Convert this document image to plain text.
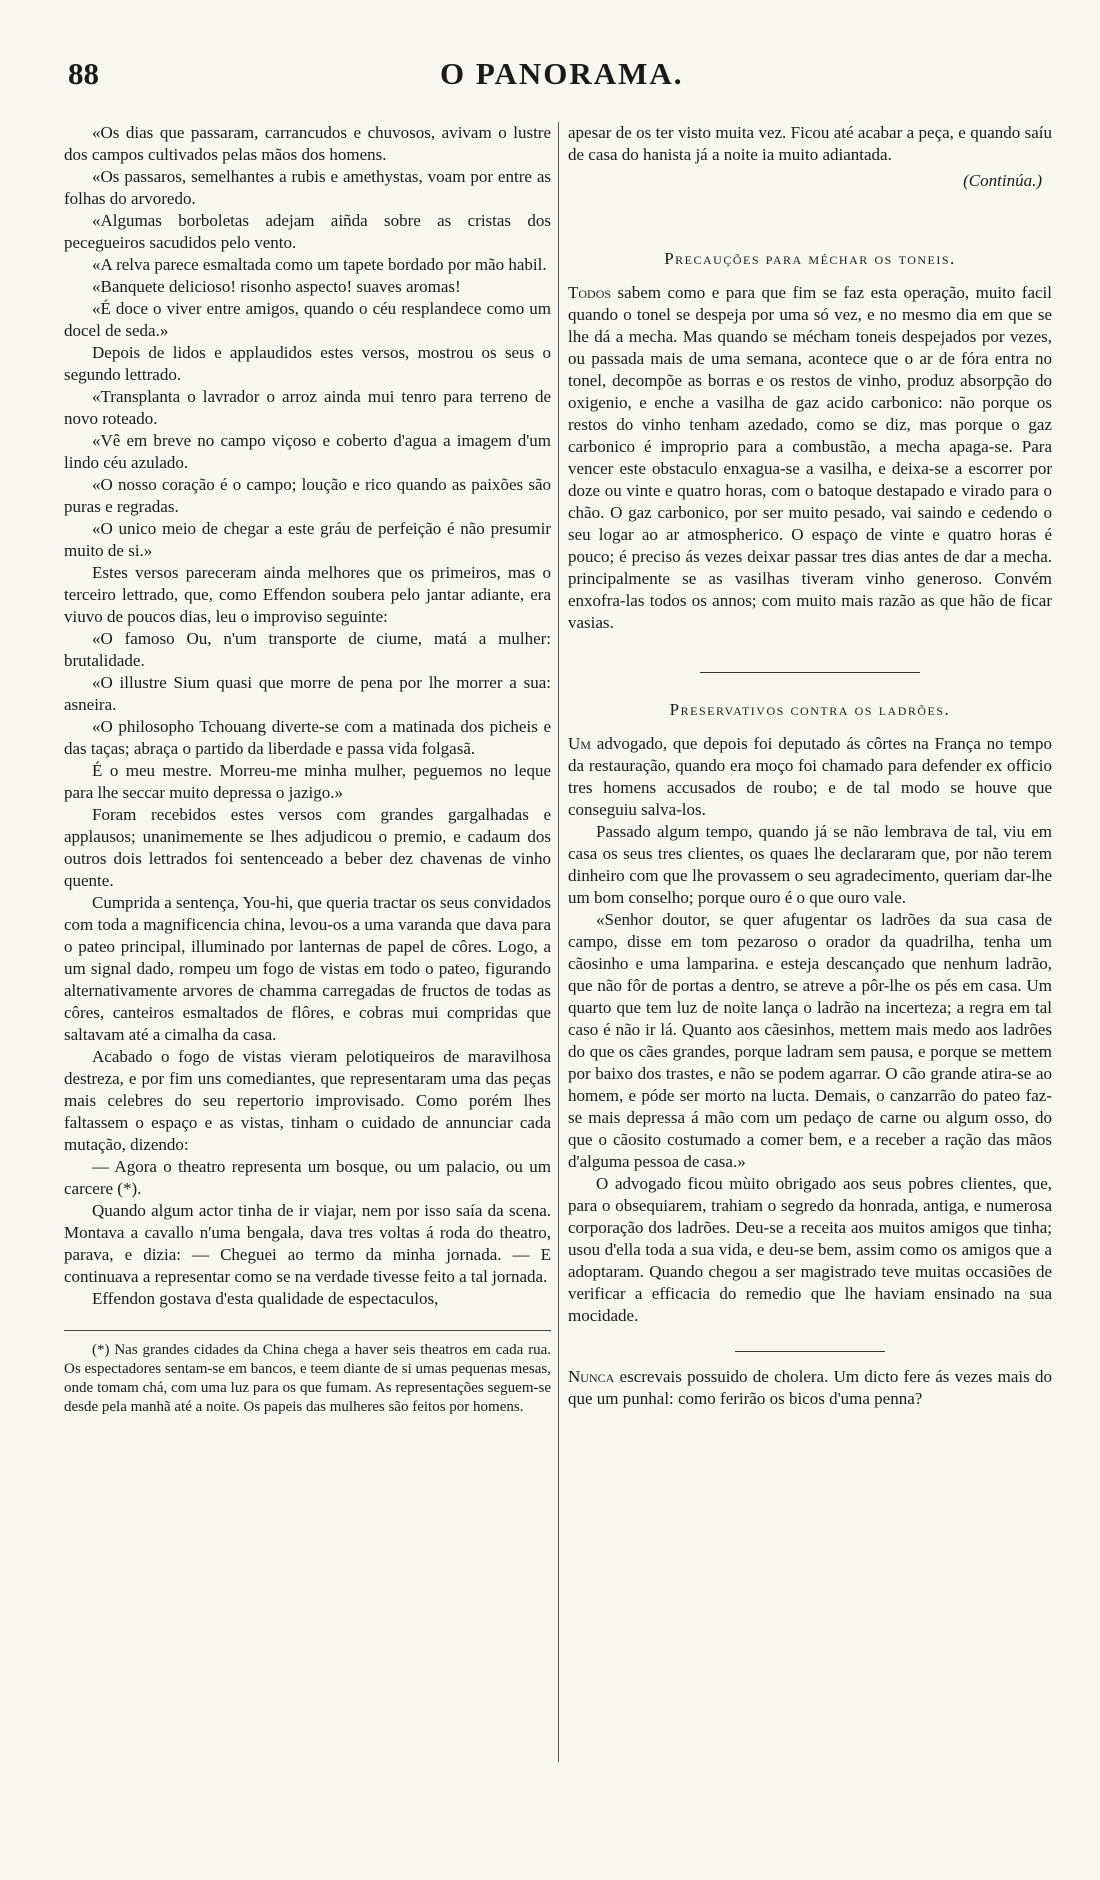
88	O PANORAMA.

«Os dias que passaram, carrancudos e chuvosos, avivam o lustre dos campos cultivados pelas mãos dos homens.

«Os passaros, semelhantes a rubis e amethystas, voam por entre as folhas do arvoredo.

«Algumas borboletas adejam aiñda sobre as cristas dos pecegueiros sacudidos pelo vento.

«A relva parece esmaltada como um tapete bordado por mão habil.

«Banquete delicioso! risonho aspecto! suaves aromas!

«É doce o viver entre amigos, quando o céu resplandece como um docel de seda.»

Depois de lidos e applaudidos estes versos, mostrou os seus o segundo lettrado.

«Transplanta o lavrador o arroz ainda mui tenro para terreno de novo roteado.

«Vê em breve no campo viçoso e coberto d'agua a imagem d'um lindo céu azulado.

«O nosso coração é o campo; loução e rico quando as paixões são puras e regradas.

«O unico meio de chegar a este gráu de perfeição é não presumir muito de si.»

Estes versos pareceram ainda melhores que os primeiros, mas o terceiro lettrado, que, como Effendon soubera pelo jantar adiante, era viuvo de poucos dias, leu o improviso seguinte:

«O famoso Ou, n'um transporte de ciume, matá a mulher: brutalidade.

«O illustre Sium quasi que morre de pena por lhe morrer a sua: asneira.

«O philosopho Tchouang diverte-se com a matinada dos picheis e das taças; abraça o partido da liberdade e passa vida folgasã.

É o meu mestre. Morreu-me minha mulher, peguemos no leque para lhe seccar muito depressa o jazigo.»

Foram recebidos estes versos com grandes gargalhadas e applausos; unanimemente se lhes adjudicou o premio, e cadaum dos outros dois lettrados foi sentenceado a beber dez chavenas de vinho quente.

Cumprida a sentença, You-hi, que queria tractar os seus convidados com toda a magnificencia china, levou-os a uma varanda que dava para o pateo principal, illuminado por lanternas de papel de côres. Logo, a um signal dado, rompeu um fogo de vistas em todo o pateo, figurando alternativamente arvores de chamma carregadas de fructos de todas as côres, canteiros esmaltados de flôres, e cobras mui compridas que saltavam até a cimalha da casa.

Acabado o fogo de vistas vieram pelotiqueiros de maravilhosa destreza, e por fim uns comediantes, que representaram uma das peças mais celebres do seu repertorio improvisado. Como porém lhes faltassem o espaço e as vistas, tinham o cuidado de annunciar cada mutação, dizendo:

— Agora o theatro representa um bosque, ou um palacio, ou um carcere (*).

Quando algum actor tinha de ir viajar, nem por isso saía da scena. Montava a cavallo n'uma bengala, dava tres voltas á roda do theatro, parava, e dizia: — Cheguei ao termo da minha jornada. — E continuava a representar como se na verdade tivesse feito a tal jornada.

Effendon gostava d'esta qualidade de espectaculos,

(*) Nas grandes cidades da China chega a haver seis theatros em cada rua. Os espectadores sentam-se em bancos, e teem diante de si umas pequenas mesas, onde tomam chá, com uma luz para os que fumam. As representações seguem-se desde pela manhã até a noite. Os papeis das mulheres são feitos por homens.

apesar de os ter visto muita vez. Ficou até acabar a peça, e quando saíu de casa do hanista já a noite ia muito adiantada.

(Continúa.)

Precauções para méchar os toneis.

Todos sabem como e para que fim se faz esta operação, muito facil quando o tonel se despeja por uma só vez, e no mesmo dia em que se lhe dá a mecha. Mas quando se mécham toneis despejados por vezes, ou passada mais de uma semana, acontece que o ar de fóra entra no tonel, decompõe as borras e os restos de vinho, produz absorpção do oxigenio, e enche a vasilha de gaz acido carbonico: não porque os restos do vinho tenham azedado, como se diz, mas porque o gaz carbonico é improprio para a combustão, a mecha apaga-se. Para vencer este obstaculo enxagua-se a vasilha, e deixa-se a escorrer por doze ou vinte e quatro horas, com o batoque destapado e virado para o chão. O gaz carbonico, por ser muito pesado, vai saindo e cedendo o seu logar ao ar atmospherico. O espaço de vinte e quatro horas é pouco; é preciso ás vezes deixar passar tres dias antes de dar a mecha. principalmente se as vasilhas tiveram vinho generoso. Convém enxofra-las todos os annos; com muito mais razão as que hão de ficar vasias.

Preservativos contra os ladrões.

Um advogado, que depois foi deputado ás côrtes na França no tempo da restauração, quando era moço foi chamado para defender ex officio tres homens accusados de roubo; e de tal modo se houve que conseguiu salva-los.

Passado algum tempo, quando já se não lembrava de tal, viu em casa os seus tres clientes, os quaes lhe declararam que, por não terem dinheiro com que lhe provassem o seu agradecimento, queriam dar-lhe um bom conselho; porque ouro é o que ouro vale.

«Senhor doutor, se quer afugentar os ladrões da sua casa de campo, disse em tom pezaroso o orador da quadrilha, tenha um cãosinho e uma lamparina. e esteja descançado que nenhum ladrão, que não fôr de portas a dentro, se atreve a pôr-lhe os pés em casa. Um quarto que tem luz de noite lança o ladrão na incerteza; a regra em tal caso é não ir lá. Quanto aos cãesinhos, mettem mais medo aos ladrões do que os cães grandes, porque ladram sem pausa, e porque se mettem por baixo dos trastes, e não se podem agarrar. O cão grande atira-se ao homem, e póde ser morto na lucta. Demais, o canzarrão do pateo faz-se mais depressa á mão com um pedaço de carne ou algum osso, do que o cãosito costumado a comer bem, e a receber a ração das mãos d'alguma pessoa de casa.»

O advogado ficou mùito obrigado aos seus pobres clientes, que, para o obsequiarem, trahiam o segredo da honrada, antiga, e numerosa corporação dos ladrões. Deu-se a receita aos muitos amigos que tinha; usou d'ella toda a sua vida, e deu-se bem, assim como os amigos que a adoptaram. Quando chegou a ser magistrado teve muitas occasiões de verificar a efficacia do remedio que lhe haviam ensinado na sua mocidade.

Nunca escrevais possuido de cholera. Um dicto fere ás vezes mais do que um punhal: como ferirão os bicos d'uma penna?
